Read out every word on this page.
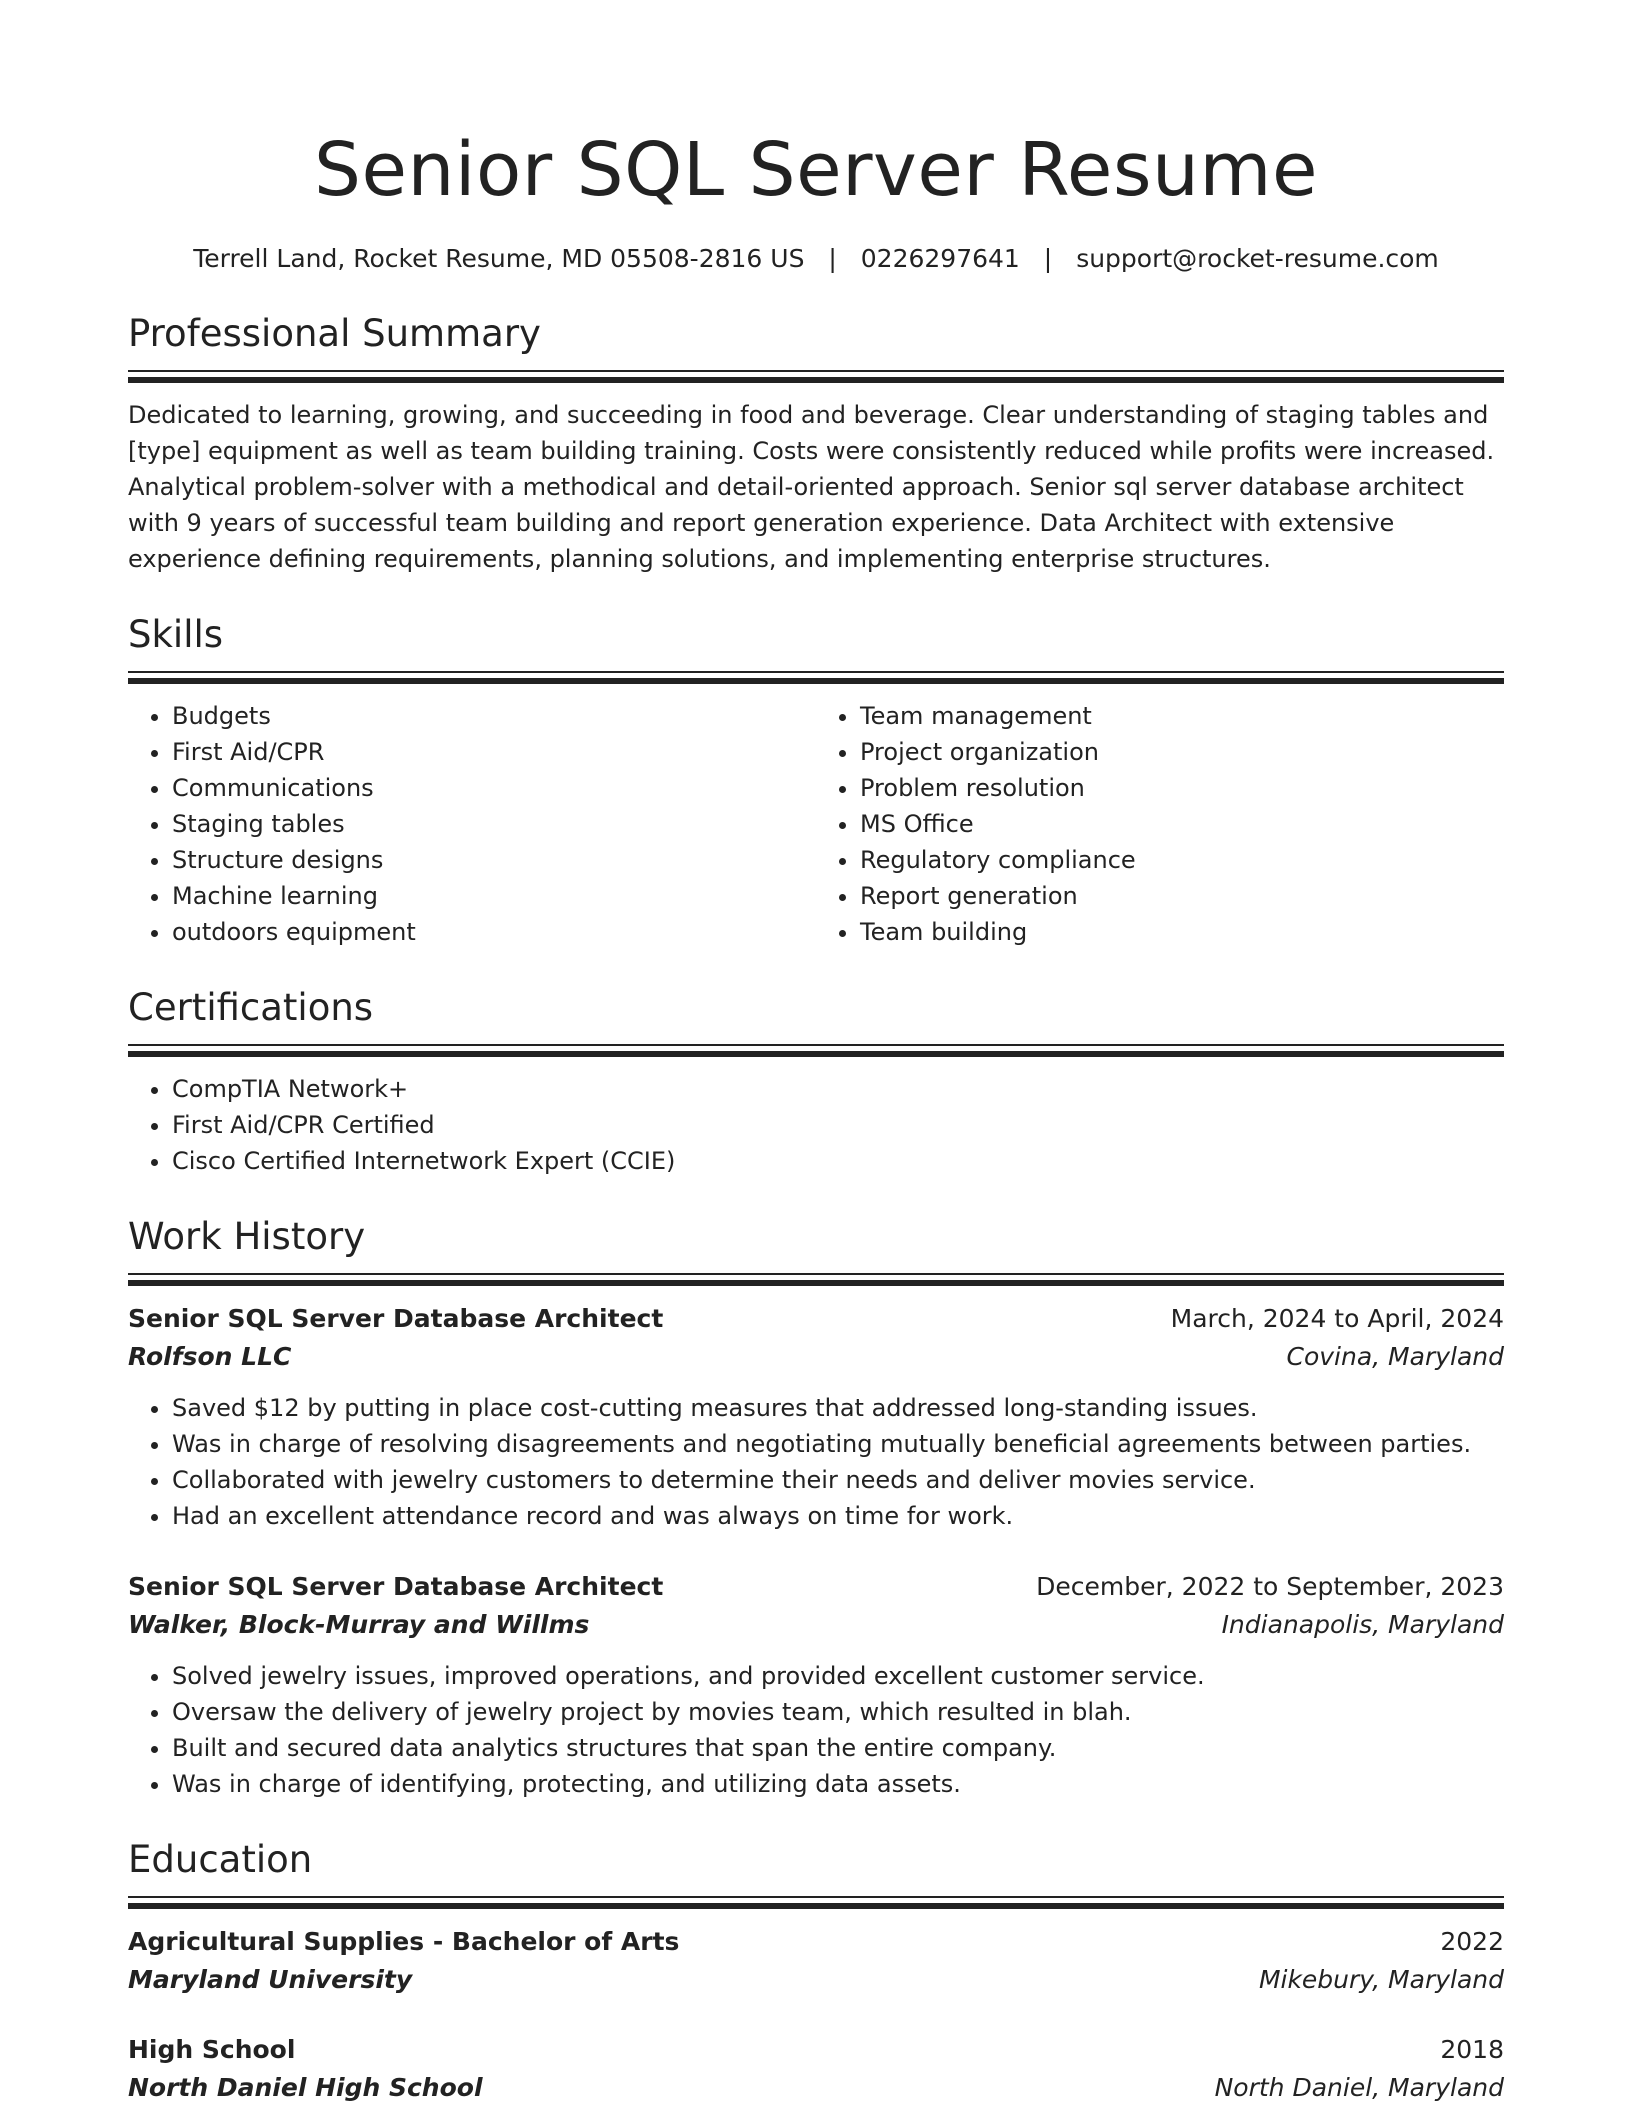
Senior SQL Server Resume
Terrell Land, Rocket Resume, MD 05508-2816 US | 0226297641 | support@rocket-resume.com
Professional Summary

Dedicated to learning, growing, and succeeding in food and beverage. Clear understanding of staging tables and [type] equipment as well as team building training. Costs were consistently reduced while profits were increased. Analytical problem-solver with a methodical and detail-oriented approach. Senior sql server database architect with 9 years of successful team building and report generation experience. Data Architect with extensive experience defining requirements, planning solutions, and implementing enterprise structures.

Skills
• Budgets
• First Aid/CPR
• Communications
• Staging tables
• Structure designs
• Machine learning
• outdoors equipment
• Team management
• Project organization
• Problem resolution
• MS Office
• Regulatory compliance
• Report generation
• Team building
Certifications
• CompTIA Network+
• First Aid/CPR Certified
• Cisco Certified Internetwork Expert (CCIE)
Work History
Senior SQL Server Database Architect	March, 2024 to April, 2024
Rolfson LLC	Covina, Maryland
• Saved $12 by putting in place cost-cutting measures that addressed long-standing issues.
• Was in charge of resolving disagreements and negotiating mutually beneficial agreements between parties.
• Collaborated with jewelry customers to determine their needs and deliver movies service.
• Had an excellent attendance record and was always on time for work.
Senior SQL Server Database Architect	December, 2022 to September, 2023
Walker, Block-Murray and Willms	Indianapolis, Maryland
• Solved jewelry issues, improved operations, and provided excellent customer service.
• Oversaw the delivery of jewelry project by movies team, which resulted in blah.
• Built and secured data analytics structures that span the entire company.
• Was in charge of identifying, protecting, and utilizing data assets.
Education
Agricultural Supplies - Bachelor of Arts	2022
Maryland University	Mikebury, Maryland
High School	2018
North Daniel High School	North Daniel, Maryland
